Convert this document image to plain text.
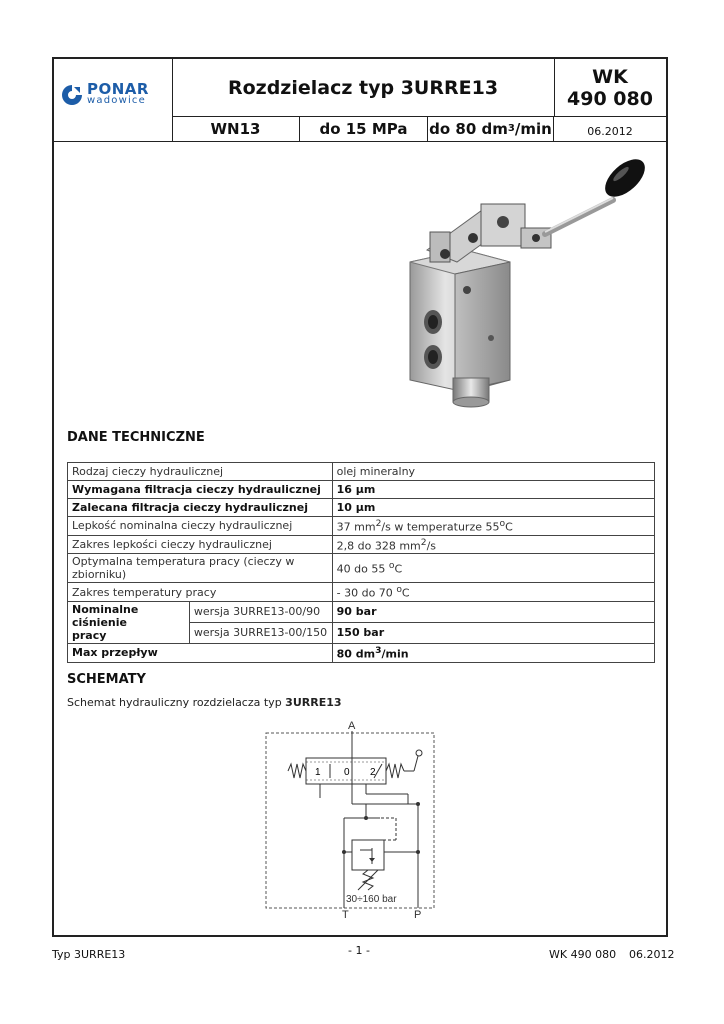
PONAR
wadowice
Rozdzielacz typ 3URRE13	WK
490 080
WN13	do 15 MPa	do 80 dm 3 /min	06.2012
DANE TECHNICZNE
Rodzaj cieczy hydraulicznej		olej mineralny
Wymagana filtracja cieczy hydraulicznej		16 µm
Zalecana filtracja cieczy hydraulicznej		10 µm
Lepkość nominalna cieczy hydraulicznej		37 $mm^2/s$ w temperaturze 55$^o$C
Zakres lepkości cieczy hydraulicznej		2,8 do 328 $mm^2/s$
Optymalna temperatura pracy (cieczy w zbiorniku)		40 do 55 $^o$C
Zakres temperatury pracy		- 30 do 70 $^o$C
Nominalne ciśnienie
pracy	wersja 3URRE13-00/90	90 bar
	wersja 3URRE13-00/150	150 bar
Max przepływ		80 $dm^3/\min$
SCHEMATY
Schemat hydrauliczny rozdzielacza typ 3URRE13
A
T	P
1 0 2
30÷160 bar
Typ 3URRE13	- 1 -	WK 490 080 06.2012
